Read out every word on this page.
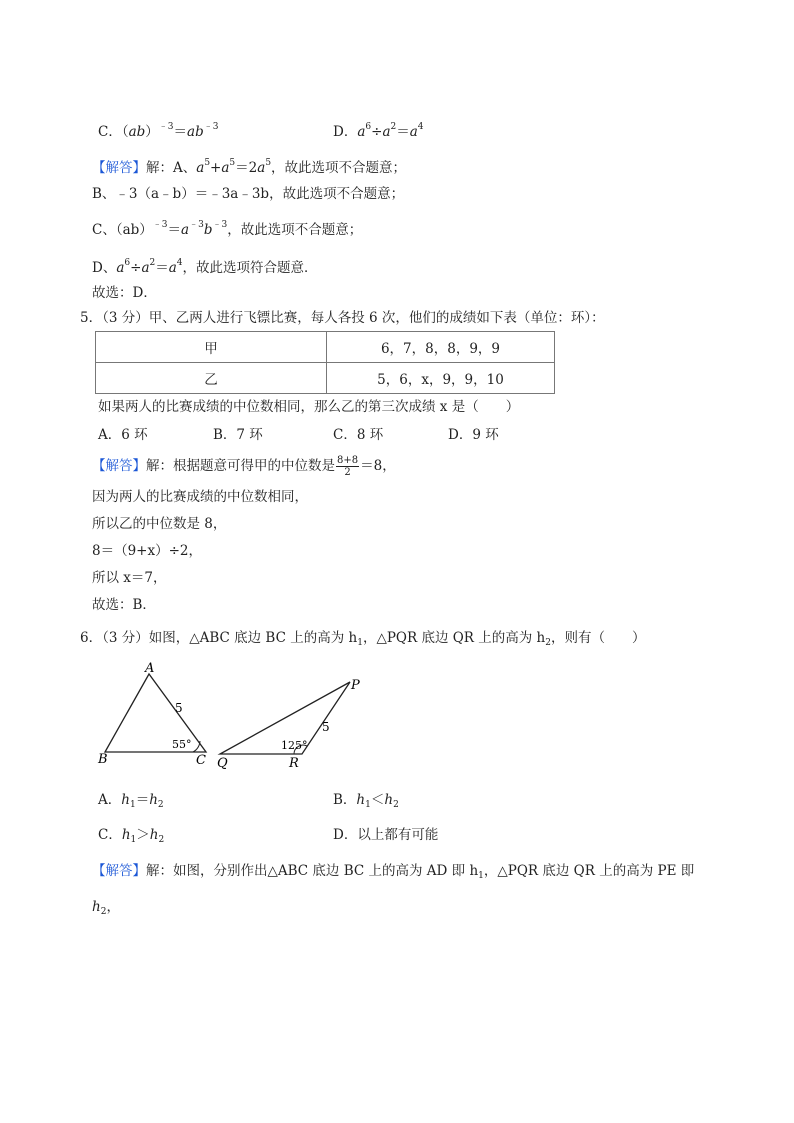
C．$(ab)^{﹣3}=ab^{﹣3}$	D．$a^6\div a^2=a^4$
【解答】解：A、$a^5+a^5=2a^5$，故此选项不合题意；
B、﹣3（a﹣b）＝﹣3a﹣3b，故此选项不合题意；
C、$(ab)^{﹣3}=a^{﹣3}b^{﹣3}$，故此选项不合题意；
D、$a^6\div a^2=a^4$，故此选项符合题意．
故选：D．
5．（3 分）甲、乙两人进行飞镖比赛，每人各投 6 次，他们的成绩如下表（单位：环）：
甲	6，7，8，8，9，9
乙	5，6，x，9，9，10
如果两人的比赛成绩的中位数相同，那么乙的第三次成绩 x 是（　　）
A．6 环	B．7 环	C．8 环	D．9 环
【解答】解：根据题意可得甲的中位数是 $\frac{8+8}{2} =8$，
因为两人的比赛成绩的中位数相同，
所以乙的中位数是 8，
8＝（9+x）÷2，
所以 x＝7，
故选：B．
6．（3 分）如图，△ABC 底边 BC 上的高为 $h_1$，△PQR 底边 QR 上的高为 $h_2$，则有（　　）
A
B	C
5
55°
P
Q	R
5
125°
A．$h_1=h_2$	B．$h_1<h_2$
C．$h_1>h_2$	D．以上都有可能
【解答】解：如图，分别作出△ABC 底边 BC 上的高为 AD 即 $h_1$，△PQR 底边 QR 上的高为 PE 即
$h_2$，
